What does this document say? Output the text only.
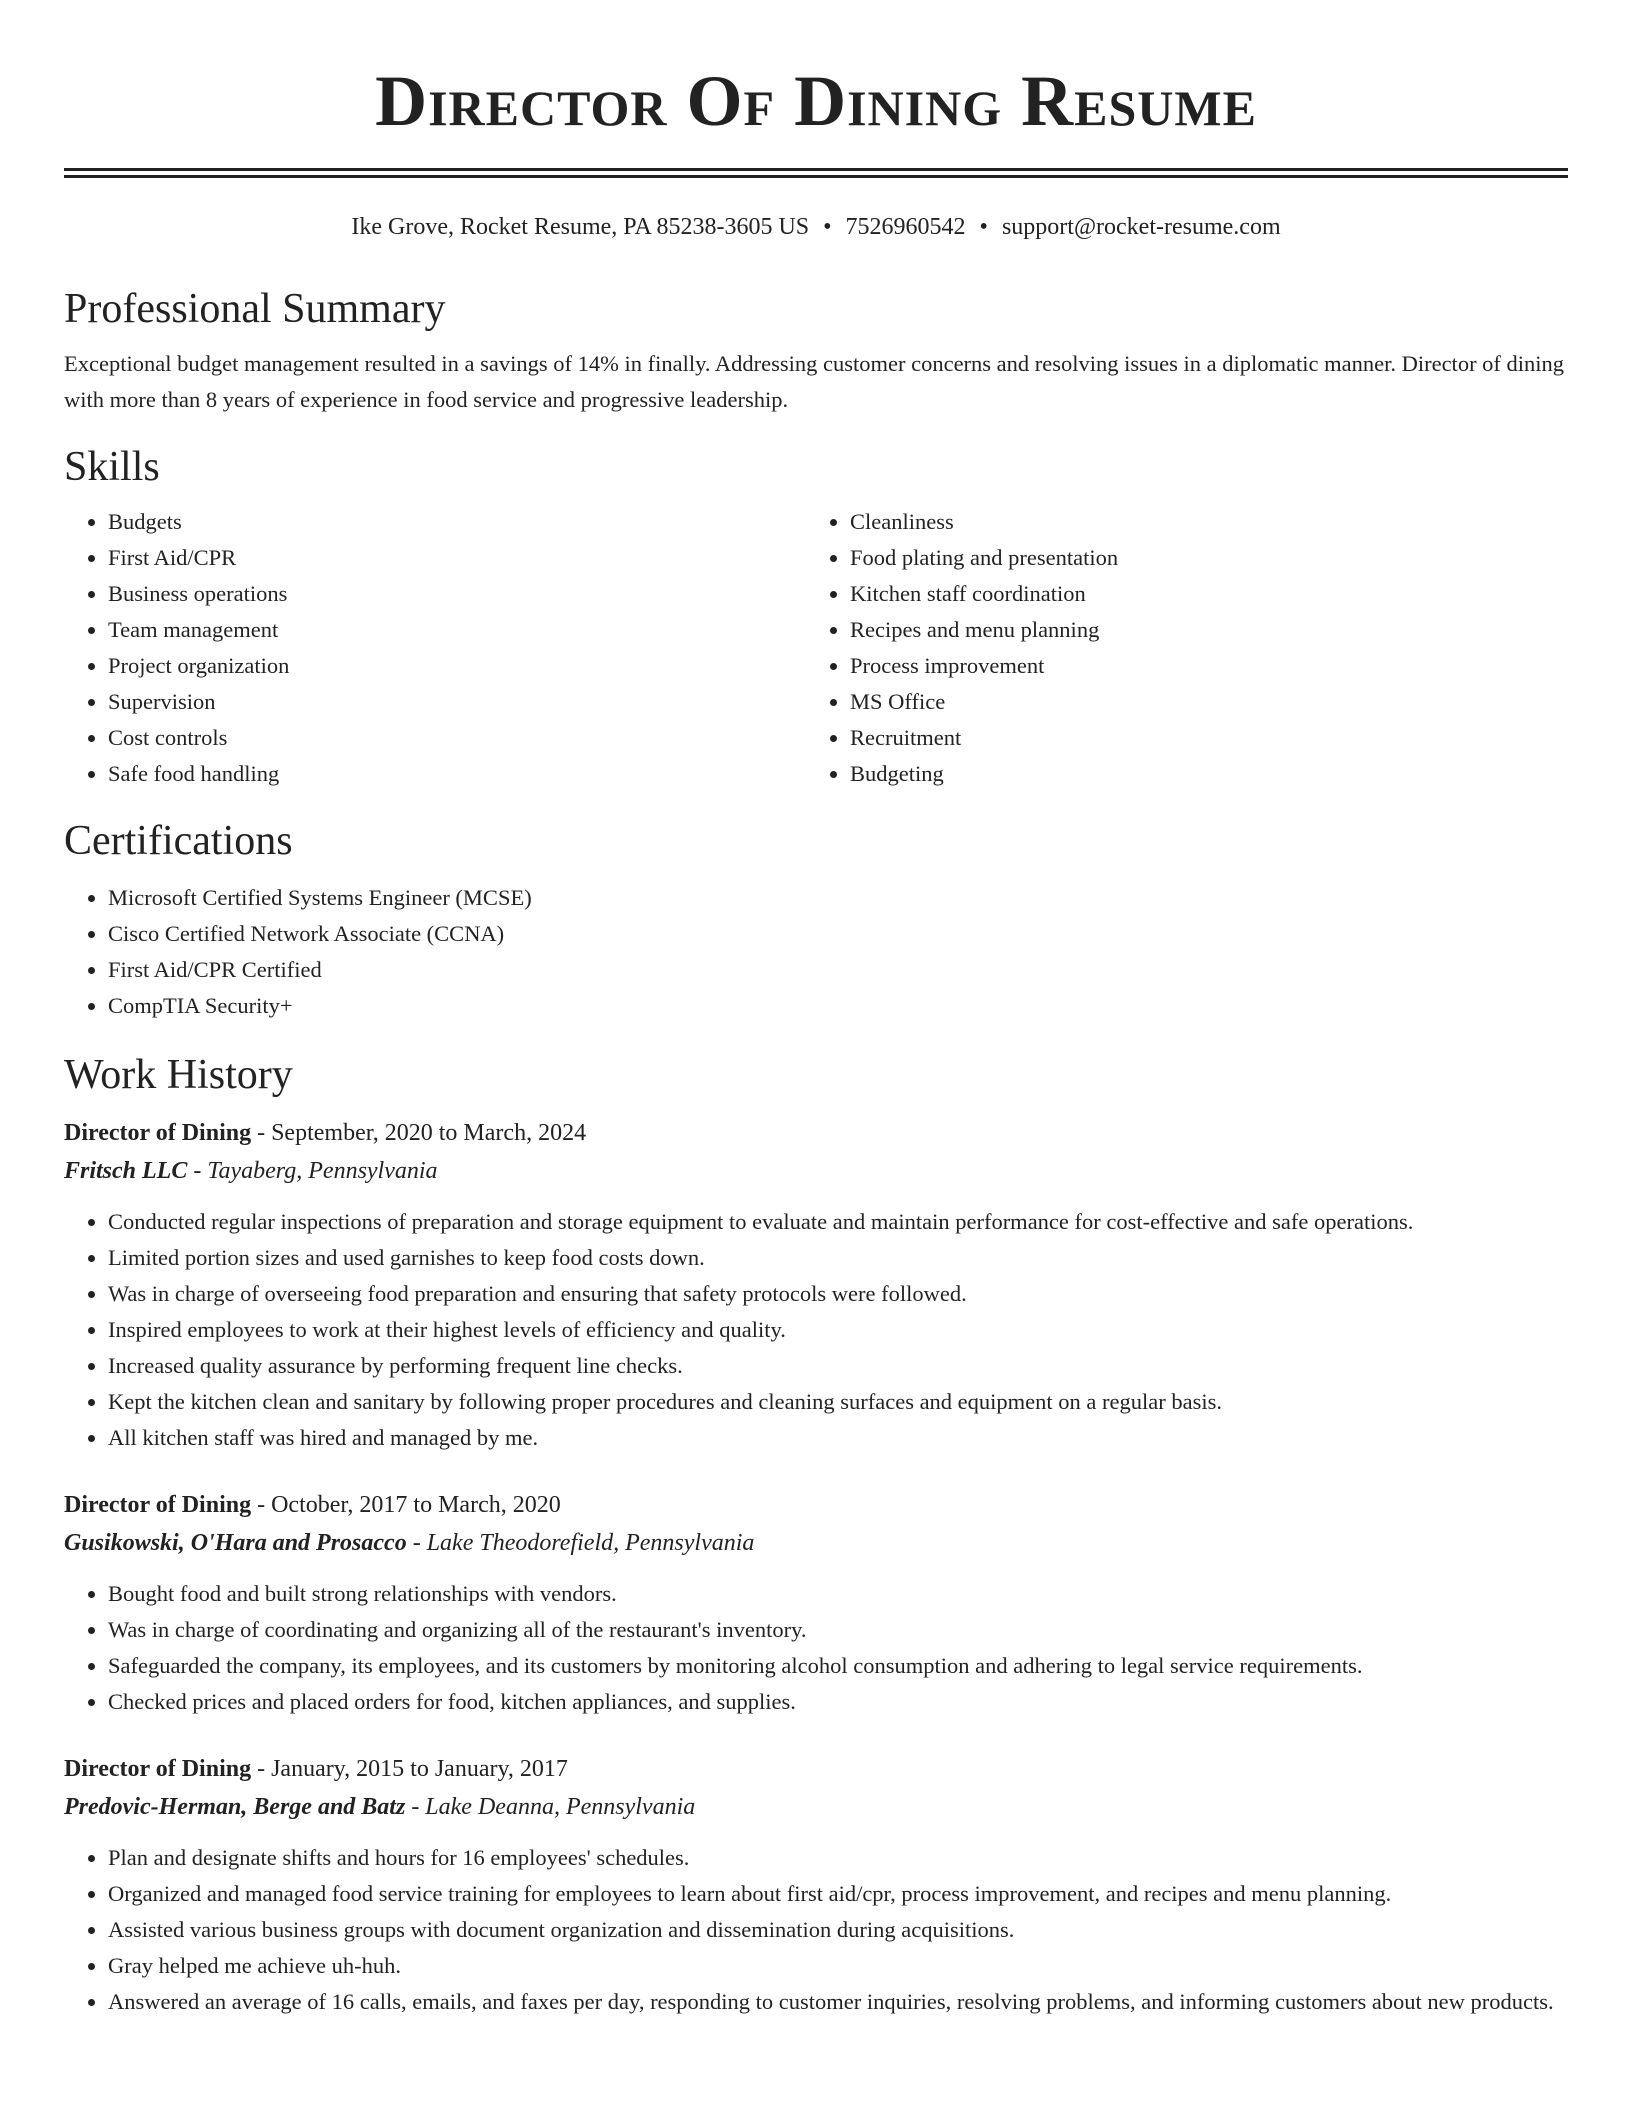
Director Of Dining Resume
Ike Grove, Rocket Resume, PA 85238-3605 US • 7526960542 • support@rocket-resume.com
Professional Summary

Exceptional budget management resulted in a savings of 14% in finally. Addressing customer concerns and resolving issues in a diplomatic manner. Director of dining with more than 8 years of experience in food service and progressive leadership.

Skills
• Budgets
• First Aid/CPR
• Business operations
• Team management
• Project organization
• Supervision
• Cost controls
• Safe food handling
• Cleanliness
• Food plating and presentation
• Kitchen staff coordination
• Recipes and menu planning
• Process improvement
• MS Office
• Recruitment
• Budgeting
Certifications
• Microsoft Certified Systems Engineer (MCSE)
• Cisco Certified Network Associate (CCNA)
• First Aid/CPR Certified
• CompTIA Security+
Work History
Director of Dining - September, 2020 to March, 2024
Fritsch LLC - Tayaberg, Pennsylvania
• Conducted regular inspections of preparation and storage equipment to evaluate and maintain performance for cost-effective and safe operations.
• Limited portion sizes and used garnishes to keep food costs down.
• Was in charge of overseeing food preparation and ensuring that safety protocols were followed.
• Inspired employees to work at their highest levels of efficiency and quality.
• Increased quality assurance by performing frequent line checks.
• Kept the kitchen clean and sanitary by following proper procedures and cleaning surfaces and equipment on a regular basis.
• All kitchen staff was hired and managed by me.
Director of Dining - October, 2017 to March, 2020
Gusikowski, O'Hara and Prosacco - Lake Theodorefield, Pennsylvania
• Bought food and built strong relationships with vendors.
• Was in charge of coordinating and organizing all of the restaurant's inventory.
• Safeguarded the company, its employees, and its customers by monitoring alcohol consumption and adhering to legal service requirements.
• Checked prices and placed orders for food, kitchen appliances, and supplies.
Director of Dining - January, 2015 to January, 2017
Predovic-Herman, Berge and Batz - Lake Deanna, Pennsylvania
• Plan and designate shifts and hours for 16 employees' schedules.
• Organized and managed food service training for employees to learn about first aid/cpr, process improvement, and recipes and menu planning.
• Assisted various business groups with document organization and dissemination during acquisitions.
• Gray helped me achieve uh-huh.
• Answered an average of 16 calls, emails, and faxes per day, responding to customer inquiries, resolving problems, and informing customers about new products.
